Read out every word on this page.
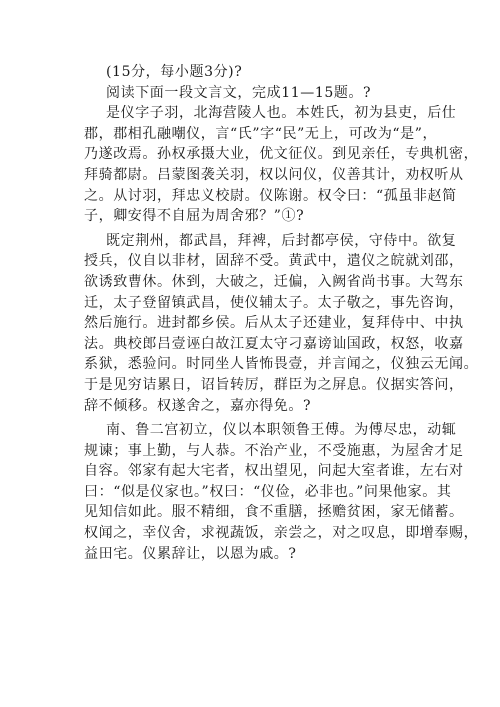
(15分，每小题3分)?
阅读下面一段文言文，完成11—15题。?
是仪字子羽，北海营陵人也。本姓氏，初为县吏，后仕
郡，郡相孔融嘲仪，言“氏”字“民”无上，可改为“是”，
乃遂改焉。孙权承摄大业，优文征仪。到见亲任，专典机密，
拜骑都尉。吕蒙图袭关羽，权以问仪，仪善其计，劝权听从
之。从讨羽，拜忠义校尉。仪陈谢。权令曰：“孤虽非赵简
子，卿安得不自屈为周舍邪？”①?
既定荆州，都武昌，拜裨，后封都亭侯，守侍中。欲复
授兵，仪自以非材，固辞不受。黄武中，遣仪之皖就刘邵，
欲诱致曹休。休到，大破之，迁偏，入阙省尚书事。大驾东
迁，太子登留镇武昌，使仪辅太子。太子敬之，事先咨询，
然后施行。进封都乡侯。后从太子还建业，复拜侍中、中执
法。典校郎吕壹诬白故江夏太守刁嘉谤讪国政，权怒，收嘉
系狱，悉验问。时同坐人皆怖畏壹，并言闻之，仪独云无闻。
于是见穷诘累日，诏旨转厉，群臣为之屏息。仪据实答问，
辞不倾移。权遂舍之，嘉亦得免。?
南、鲁二宫初立，仪以本职领鲁王傅。为傅尽忠，动辄
规谏；事上勤，与人恭。不治产业，不受施惠，为屋舍才足
自容。邻家有起大宅者，权出望见，问起大室者谁，左右对
曰：“似是仪家也。”权曰：“仪俭，必非也。”问果他家。其
见知信如此。服不精细，食不重膳，拯赡贫困，家无储蓄。
权闻之，幸仪舍，求视蔬饭，亲尝之，对之叹息，即增奉赐，
益田宅。仪累辞让，以恩为戚。?
